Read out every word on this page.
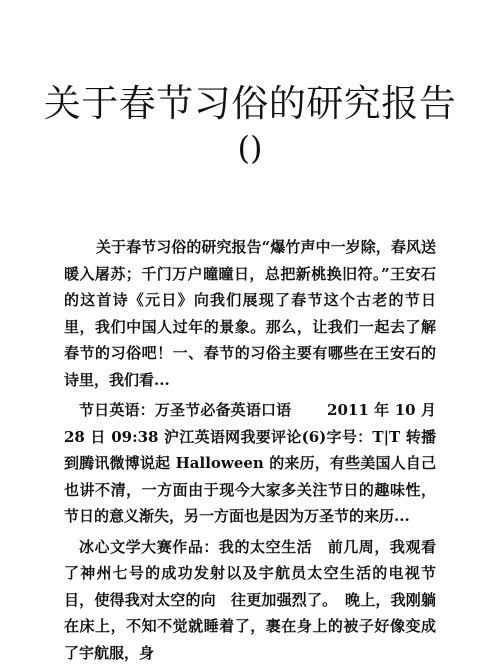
关于春节习俗的研究报告
()

关于春节习俗的研究报告“爆竹声中一岁除，春风送暖入屠苏；千门万户曈曈日，总把新桃换旧符。”王安石的这首诗《元日》向我们展现了春节这个古老的节日里，我们中国人过年的景象。那么，让我们一起去了解春节的习俗吧！一、春节的习俗主要有哪些在王安石的诗里，我们看...

节日英语：万圣节必备英语口语　　 2011 年 10 月 28 日 09:38 沪江英语网我要评论(6)字号：T|T 转播到腾讯微博说起 Halloween 的来历，有些美国人自己也讲不清，一方面由于现今大家多关注节日的趣味性，节日的意义渐失，另一方面也是因为万圣节的来历...

冰心文学大赛作品：我的太空生活　前几周，我观看了神州七号的成功发射以及宇航员太空生活的电视节目，使得我对太空的向　往更加强烈了。　晚上，我刚躺在床上，不知不觉就睡着了，裹在身上的被子好像变成了宇航服，身
